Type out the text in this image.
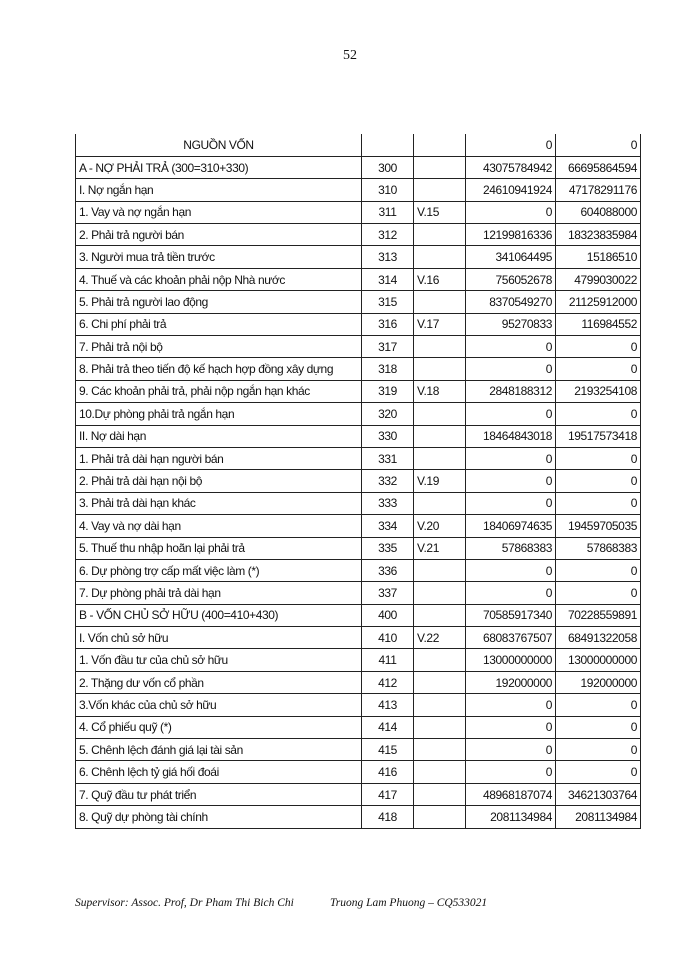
52
NGUỒN VỐN			0	0
A - NỢ PHẢI TRẢ (300=310+330)	300		43075784942	66695864594
I. Nợ ngắn hạn	310		24610941924	47178291176
1. Vay và nợ ngắn hạn	311	V.15	0	604088000
2. Phải trả người bán	312		12199816336	18323835984
3. Người mua trả tiền trước	313		341064495	15186510
4. Thuế và các khoản phải nộp Nhà nước	314	V.16	756052678	4799030022
5. Phải trả người lao động	315		8370549270	21125912000
6. Chi phí phải trả	316	V.17	95270833	116984552
7. Phải trả nội bộ	317		0	0
8. Phải trả theo tiến độ kế hạch hợp đồng xây dựng	318		0	0
9. Các khoản phải trả, phải nộp ngắn hạn khác	319	V.18	2848188312	2193254108
10.Dự phòng phải trả ngắn hạn	320		0	0
II. Nợ dài hạn	330		18464843018	19517573418
1. Phải trả dài hạn người bán	331		0	0
2. Phải trả dài hạn nội bộ	332	V.19	0	0
3. Phải trả dài hạn khác	333		0	0
4. Vay và nợ dài hạn	334	V.20	18406974635	19459705035
5. Thuế thu nhập hoãn lại phải trả	335	V.21	57868383	57868383
6. Dự phòng trợ cấp mất việc làm (*)	336		0	0
7. Dự phòng phải trả dài hạn	337		0	0
B - VỐN CHỦ SỞ HỮU (400=410+430)	400		70585917340	70228559891
I. Vốn chủ sở hữu	410	V.22	68083767507	68491322058
1. Vốn đầu tư của chủ sở hữu	411		13000000000	13000000000
2. Thặng dư vốn cổ phần	412		192000000	192000000
3.Vốn khác của chủ sở hữu	413		0	0
4. Cổ phiếu quỹ (*)	414		0	0
5. Chênh lệch đánh giá lại tài sản	415		0	0
6. Chênh lệch tỷ giá hối đoái	416		0	0
7. Quỹ đầu tư phát triển	417		48968187074	34621303764
8. Quỹ dự phòng tài chính	418		2081134984	2081134984
Supervisor: Assoc. Prof, Dr Pham Thi Bich Chi	Truong Lam Phuong – CQ533021
